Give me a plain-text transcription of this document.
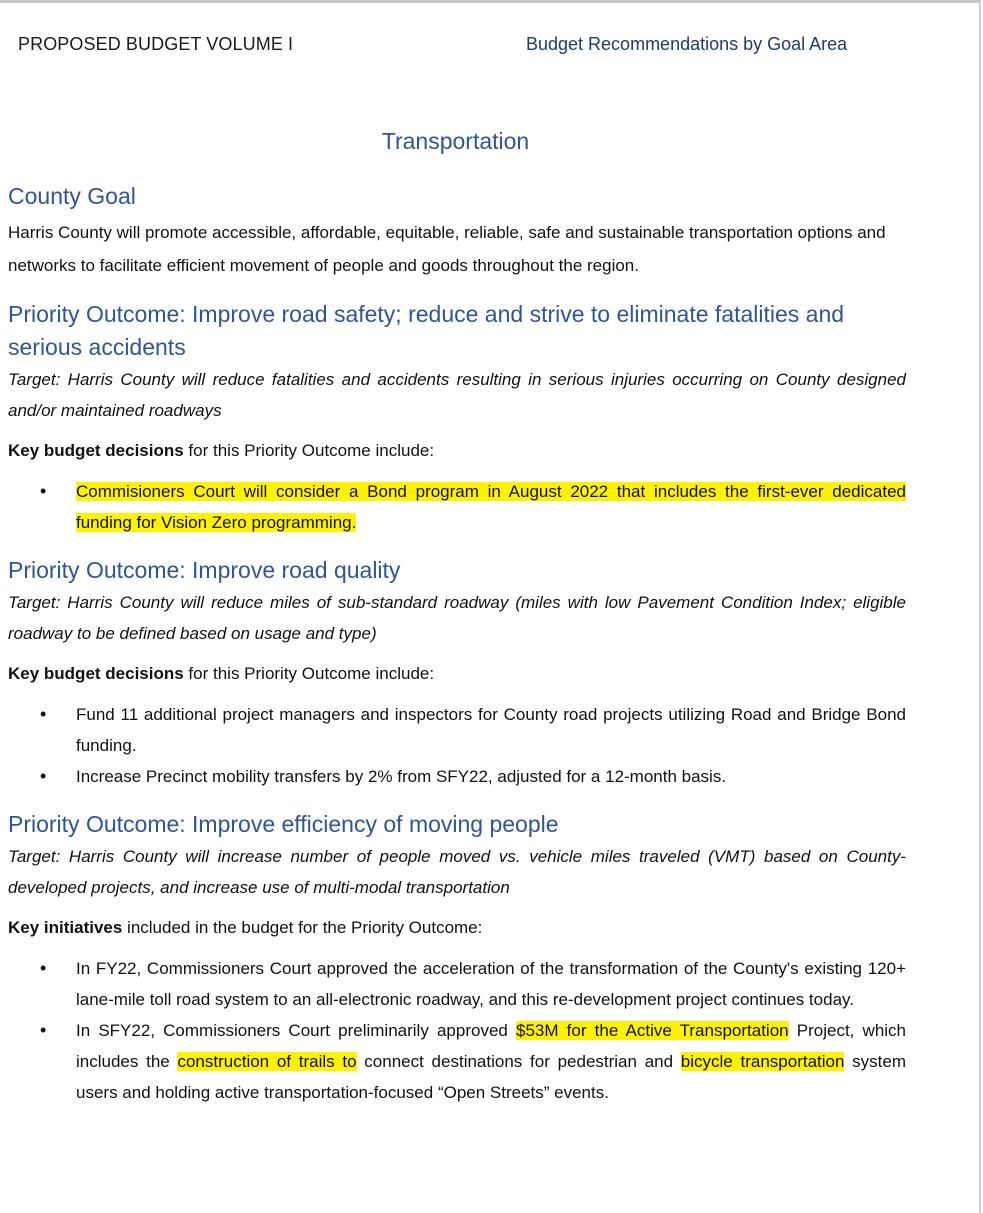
PROPOSED BUDGET VOLUME I	Budget Recommendations by Goal Area
Transportation
County Goal

Harris County will promote accessible, affordable, equitable, reliable, safe and sustainable transportation options and networks to facilitate efficient movement of people and goods throughout the region.

Priority Outcome: Improve road safety; reduce and strive to eliminate fatalities and serious accidents

Target: Harris County will reduce fatalities and accidents resulting in serious injuries occurring on County designed and/or maintained roadways

Key budget decisions for this Priority Outcome include:

• Commisioners Court will consider a Bond program in August 2022 that includes the first-ever dedicated funding for Vision Zero programming.
Priority Outcome: Improve road quality

Target: Harris County will reduce miles of sub-standard roadway (miles with low Pavement Condition Index; eligible roadway to be defined based on usage and type)

Key budget decisions for this Priority Outcome include:

• Fund 11 additional project managers and inspectors for County road projects utilizing Road and Bridge Bond funding.
• Increase Precinct mobility transfers by 2% from SFY22, adjusted for a 12-month basis.
Priority Outcome: Improve efficiency of moving people

Target: Harris County will increase number of people moved vs. vehicle miles traveled (VMT) based on County-developed projects, and increase use of multi-modal transportation

Key initiatives included in the budget for the Priority Outcome:

• In FY22, Commissioners Court approved the acceleration of the transformation of the County's existing 120+ lane-mile toll road system to an all-electronic roadway, and this re-development project continues today.
• In SFY22, Commissioners Court preliminarily approved $53M for the Active Transportation Project, which includes the construction of trails to connect destinations for pedestrian and bicycle transportation system users and holding active transportation-focused “Open Streets” events.
